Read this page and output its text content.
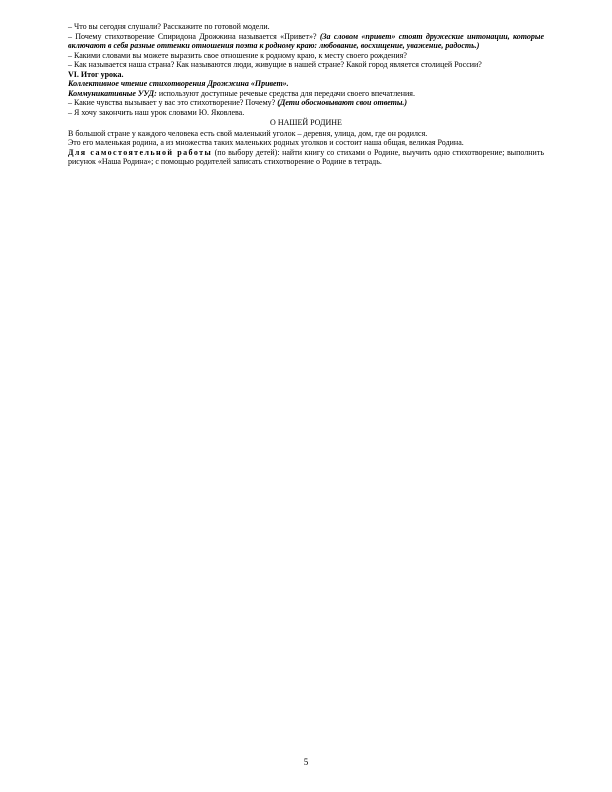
– Что вы сегодня слушали? Расскажите по готовой модели.

– Почему стихотворение Спиридона Дрожжина называется «Привет»? (За словом «привет» стоят дружеские интонации, которые включают в себя разные оттенки отношения поэта к родному краю: любование, восхищение, уважение, радость.)

– Какими словами вы можете выразить свое отношение к родному краю, к месту своего рождения?

– Как называется наша страна? Как называются люди, живущие в нашей стране? Какой город является столицей России?

VI. Итог урока.

Коллективное чтение стихотворения Дрожжина «Привет».

Коммуникативные УУД: используют доступные речевые средства для передачи своего впечатления.

– Какие чувства вызывает у вас это стихотворение? Почему? (Дети обосновывают свои ответы.)

– Я хочу закончить наш урок словами Ю. Яковлева.

О НАШЕЙ РОДИНЕ

В большой стране у каждого человека есть свой маленький уголок – деревня, улица, дом, где он родился.

Это его маленькая родина, а из множества таких маленьких родных уголков и состоит наша общая, великая Родина.

Для самостоятельной работы (по выбору детей): найти книгу со стихами о Родине, выучить одно стихотворение; выполнить рисунок «Наша Родина»; с помощью родителей записать стихотворение о Родине в тетрадь.

5
